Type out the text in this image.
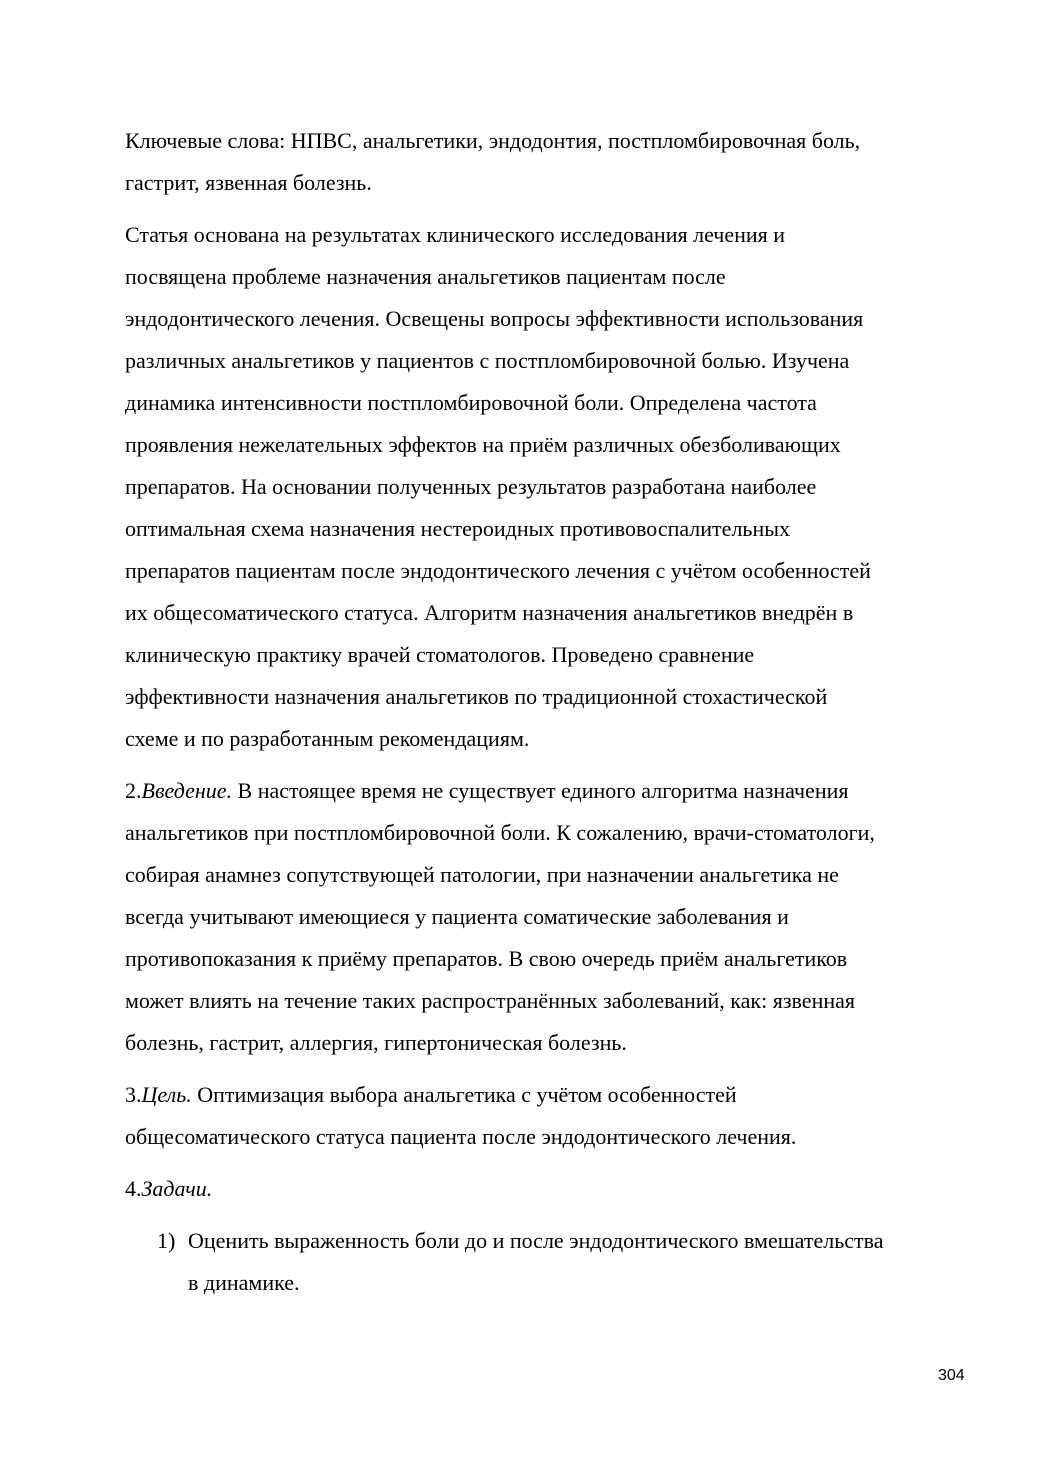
Ключевые слова: НПВС, анальгетики, эндодонтия, постпломбировочная боль,
гастрит, язвенная болезнь.

Статья основана на результатах клинического исследования лечения и
посвящена проблеме назначения анальгетиков пациентам после
эндодонтического лечения. Освещены вопросы эффективности использования
различных анальгетиков у пациентов с постпломбировочной болью. Изучена
динамика интенсивности постпломбировочной боли. Определена частота
проявления нежелательных эффектов на приём различных обезболивающих
препаратов. На основании полученных результатов разработана наиболее
оптимальная схема назначения нестероидных противовоспалительных
препаратов пациентам после эндодонтического лечения с учётом особенностей
их общесоматического статуса. Алгоритм назначения анальгетиков внедрён в
клиническую практику врачей стоматологов. Проведено сравнение
эффективности назначения анальгетиков по традиционной стохастической
схеме и по разработанным рекомендациям.

2.Введение. В настоящее время не существует единого алгоритма назначения
анальгетиков при постпломбировочной боли. К сожалению, врачи-стоматологи,
собирая анамнез сопутствующей патологии, при назначении анальгетика не
всегда учитывают имеющиеся у пациента соматические заболевания и
противопоказания к приёму препаратов. В свою очередь приём анальгетиков
может влиять на течение таких распространённых заболеваний, как: язвенная
болезнь, гастрит, аллергия, гипертоническая болезнь.

3.Цель. Оптимизация выбора анальгетика с учётом особенностей
общесоматического статуса пациента после эндодонтического лечения.

4.Задачи.

1) Оценить выраженность боли до и после эндодонтического вмешательства
в динамике.
304
